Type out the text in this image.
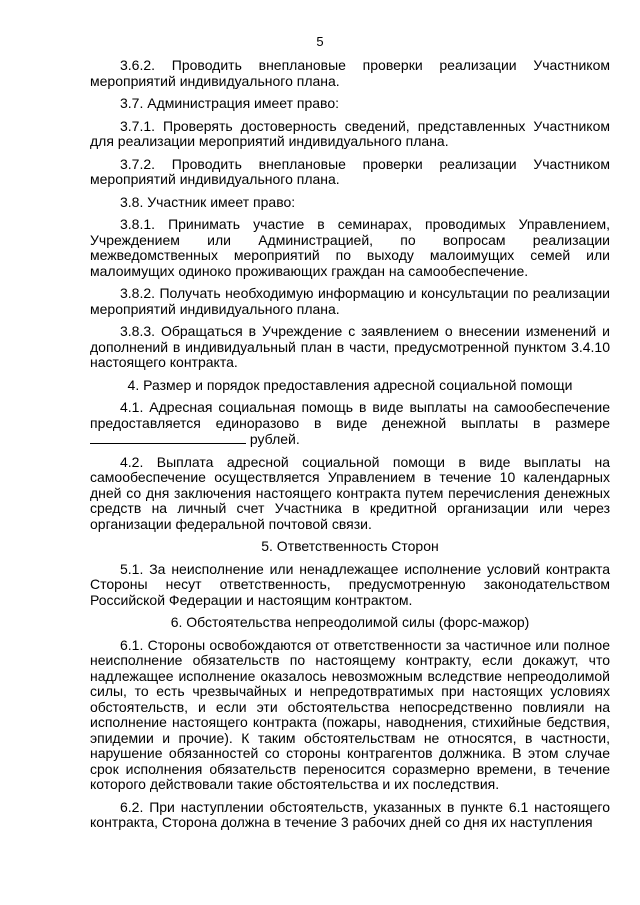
5

3.6.2. Проводить внеплановые проверки реализации Участником мероприятий индивидуального плана.

3.7. Администрация имеет право:

3.7.1. Проверять достоверность сведений, представленных Участником для реализации мероприятий индивидуального плана.

3.7.2. Проводить внеплановые проверки реализации Участником мероприятий индивидуального плана.

3.8. Участник имеет право:

3.8.1. Принимать участие в семинарах, проводимых Управлением, Учреждением или Администрацией, по вопросам реализации межведомственных мероприятий по выходу малоимущих семей или малоимущих одиноко проживающих граждан на самообеспечение.

3.8.2. Получать необходимую информацию и консультации по реализации мероприятий индивидуального плана.

3.8.3. Обращаться в Учреждение с заявлением о внесении изменений и дополнений в индивидуальный план в части, предусмотренной пунктом 3.4.10 настоящего контракта.

4. Размер и порядок предоставления адресной социальной помощи

4.1. Адресная социальная помощь в виде выплаты на самообеспечение предоставляется единоразово в виде денежной выплаты в размере  рублей.

4.2. Выплата адресной социальной помощи в виде выплаты на самообеспечение осуществляется Управлением в течение 10 календарных дней со дня заключения настоящего контракта путем перечисления денежных средств на личный счет Участника в кредитной организации или через организации федеральной почтовой связи.

5. Ответственность Сторон

5.1. За неисполнение или ненадлежащее исполнение условий контракта Стороны несут ответственность, предусмотренную законодательством Российской Федерации и настоящим контрактом.

6. Обстоятельства непреодолимой силы (форс-мажор)

6.1. Стороны освобождаются от ответственности за частичное или полное неисполнение обязательств по настоящему контракту, если докажут, что надлежащее исполнение оказалось невозможным вследствие непреодолимой силы, то есть чрезвычайных и непредотвратимых при настоящих условиях обстоятельств, и если эти обстоятельства непосредственно повлияли на исполнение настоящего контракта (пожары, наводнения, стихийные бедствия, эпидемии и прочие). К таким обстоятельствам не относятся, в частности, нарушение обязанностей со стороны контрагентов должника. В этом случае срок исполнения обязательств переносится соразмерно времени, в течение которого действовали такие обстоятельства и их последствия.

6.2. При наступлении обстоятельств, указанных в пункте 6.1 настоящего контракта, Сторона должна в течение 3 рабочих дней со дня их наступления
